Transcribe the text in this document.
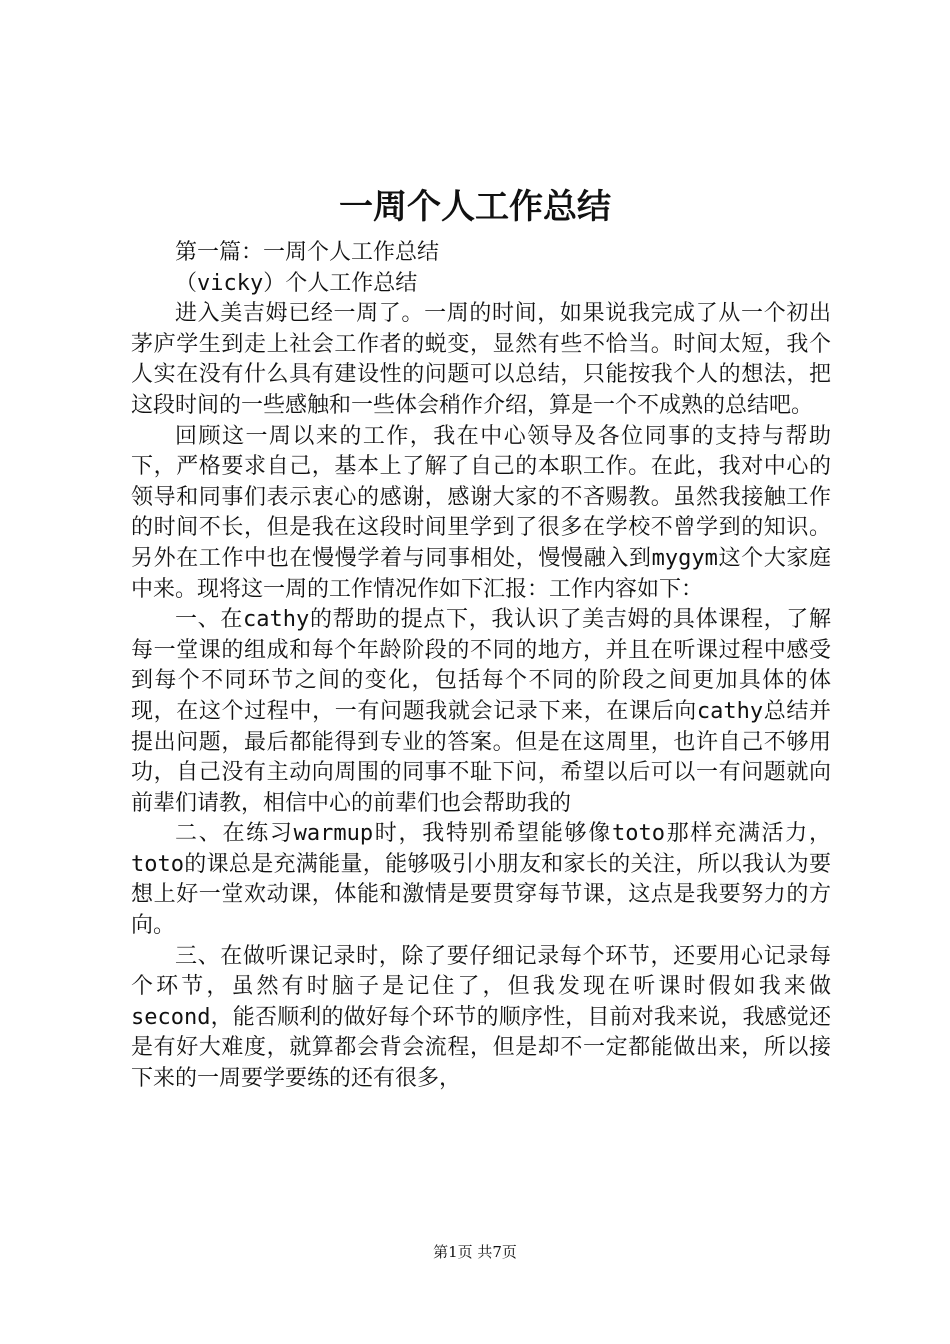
一周个人工作总结

第一篇：一周个人工作总结

（vicky）个人工作总结

进入美吉姆已经一周了。一周的时间，如果说我完成了从一个初出茅庐学生到走上社会工作者的蜕变，显然有些不恰当。时间太短，我个人实在没有什么具有建设性的问题可以总结，只能按我个人的想法，把这段时间的一些感触和一些体会稍作介绍，算是一个不成熟的总结吧。

回顾这一周以来的工作，我在中心领导及各位同事的支持与帮助下，严格要求自己，基本上了解了自己的本职工作。在此，我对中心的领导和同事们表示衷心的感谢，感谢大家的不吝赐教。虽然我接触工作的时间不长，但是我在这段时间里学到了很多在学校不曾学到的知识。另外在工作中也在慢慢学着与同事相处，慢慢融入到mygym这个大家庭中来。现将这一周的工作情况作如下汇报：工作内容如下：

一、在cathy的帮助的提点下，我认识了美吉姆的具体课程，了解每一堂课的组成和每个年龄阶段的不同的地方，并且在听课过程中感受到每个不同环节之间的变化，包括每个不同的阶段之间更加具体的体现，在这个过程中，一有问题我就会记录下来，在课后向cathy总结并提出问题，最后都能得到专业的答案。但是在这周里，也许自己不够用功，自己没有主动向周围的同事不耻下问，希望以后可以一有问题就向前辈们请教，相信中心的前辈们也会帮助我的

二、在练习warmup时，我特别希望能够像toto那样充满活力，toto的课总是充满能量，能够吸引小朋友和家长的关注，所以我认为要想上好一堂欢动课，体能和激情是要贯穿每节课，这点是我要努力的方向。

三、在做听课记录时，除了要仔细记录每个环节，还要用心记录每个环节，虽然有时脑子是记住了，但我发现在听课时假如我来做second，能否顺利的做好每个环节的顺序性，目前对我来说，我感觉还是有好大难度，就算都会背会流程，但是却不一定都能做出来，所以接下来的一周要学要练的还有很多，

第1页 共7页
